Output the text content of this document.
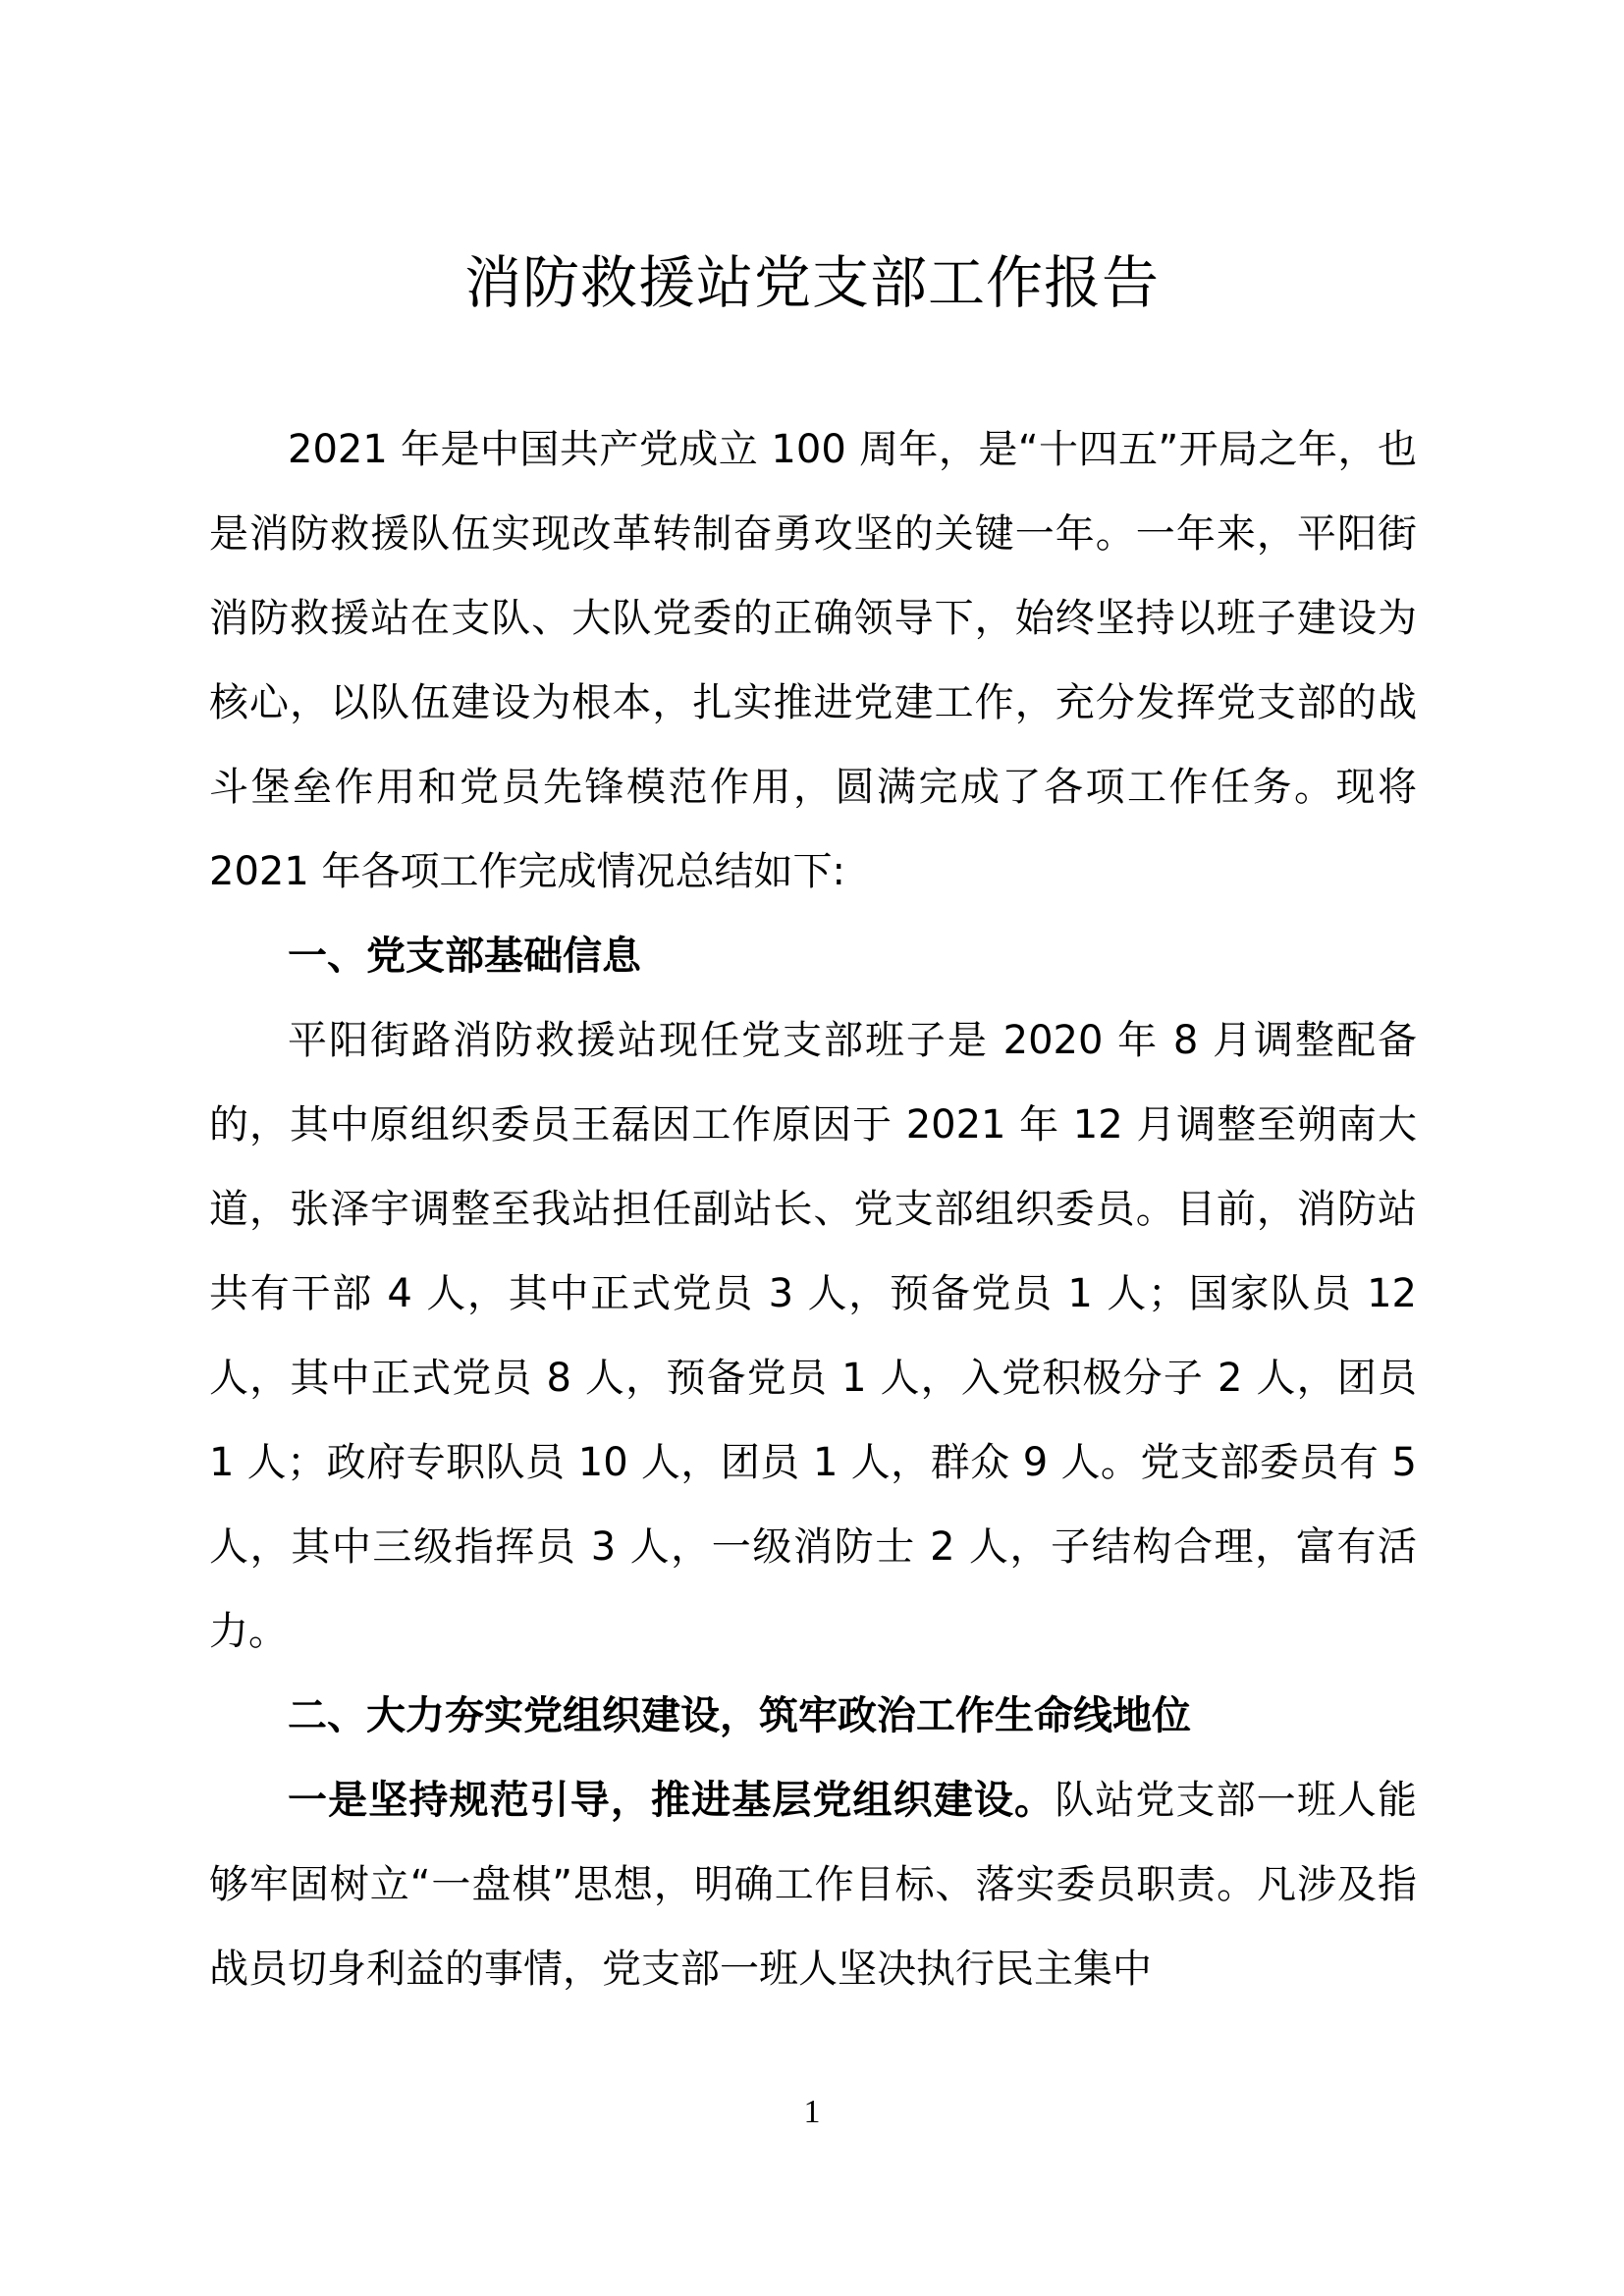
消防救援站党支部工作报告

2021 年是中国共产党成立 100 周年，是“十四五”开局之年，也是消防救援队伍实现改革转制奋勇攻坚的关键一年。一年来，平阳街消防救援站在支队、大队党委的正确领导下，始终坚持以班子建设为核心，以队伍建设为根本，扎实推进党建工作，充分发挥党支部的战斗堡垒作用和党员先锋模范作用，圆满完成了各项工作任务。现将 2021 年各项工作完成情况总结如下:

一、党支部基础信息

平阳街路消防救援站现任党支部班子是 2020 年 8 月调整配备的，其中原组织委员王磊因工作原因于 2021 年 12 月调整至朔南大道，张泽宇调整至我站担任副站长、党支部组织委员。目前，消防站共有干部 4 人，其中正式党员 3 人，预备党员 1 人；国家队员 12 人，其中正式党员 8 人，预备党员 1 人，入党积极分子 2 人，团员 1 人；政府专职队员 10 人，团员 1 人，群众 9 人。党支部委员有 5 人，其中三级指挥员 3 人，一级消防士 2 人，子结构合理，富有活力。

二、大力夯实党组织建设，筑牢政治工作生命线地位

一是坚持规范引导，推进基层党组织建设。队站党支部一班人能够牢固树立“一盘棋”思想，明确工作目标、落实委员职责。凡涉及指战员切身利益的事情，党支部一班人坚决执行民主集中

1
